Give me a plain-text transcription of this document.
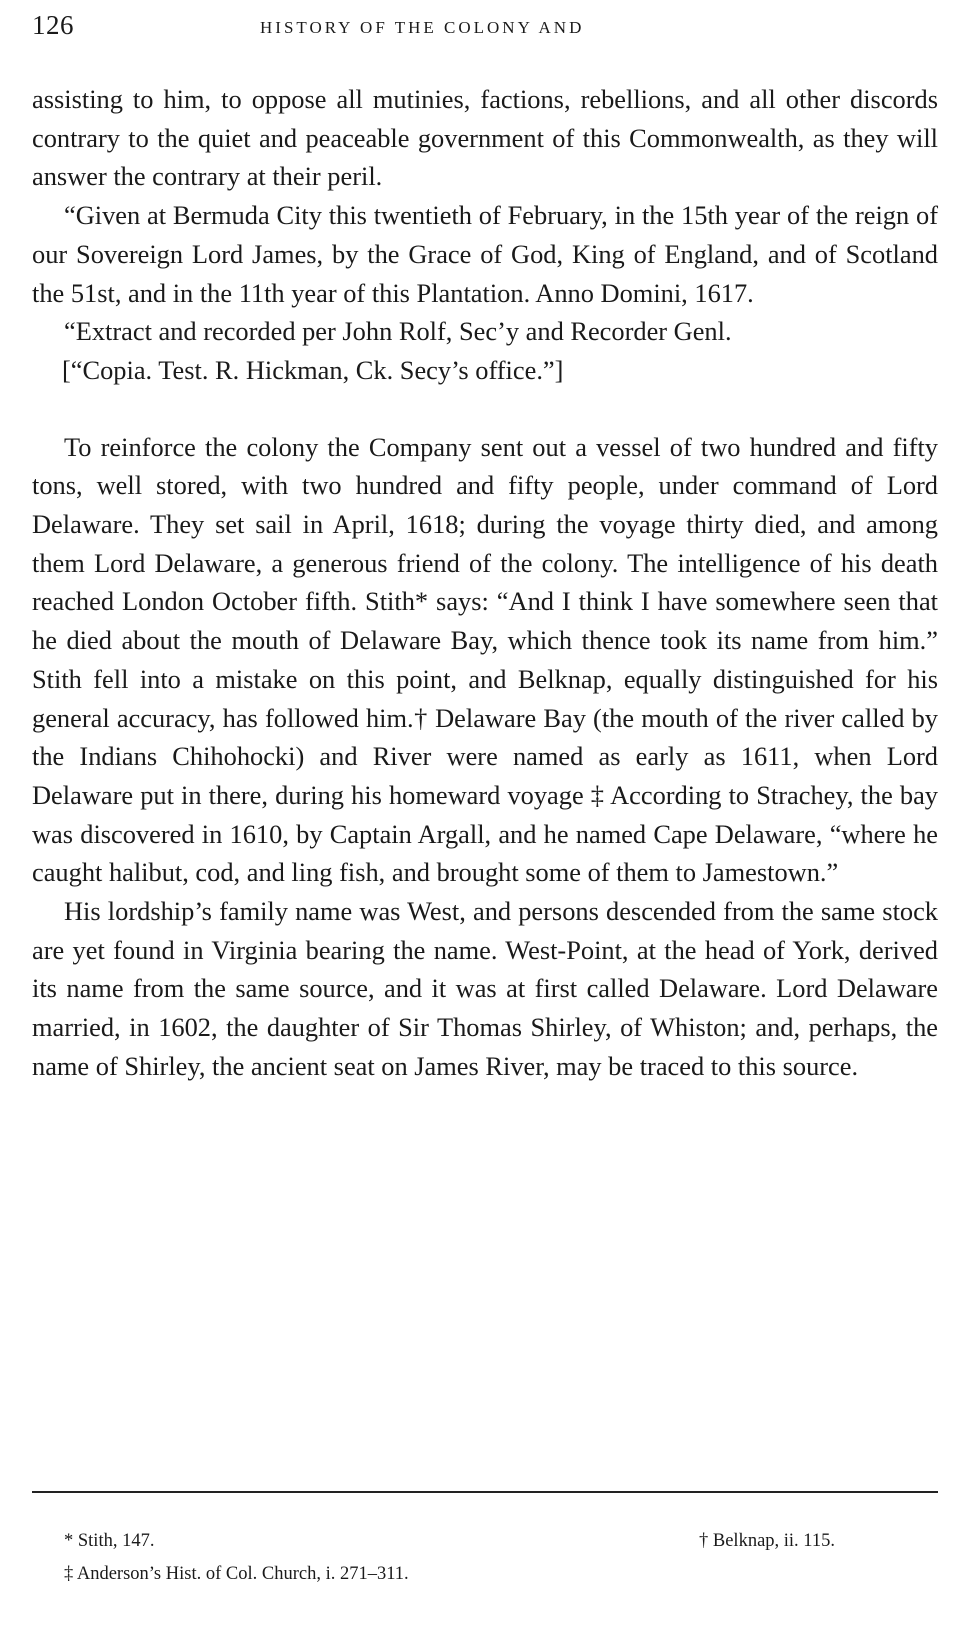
126	HISTORY OF THE COLONY AND

assisting to him, to oppose all mutinies, factions, rebellions, and all other discords contrary to the quiet and peaceable government of this Commonwealth, as they will answer the contrary at their peril.

“Given at Bermuda City this twentieth of February, in the 15th year of the reign of our Sovereign Lord James, by the Grace of God, King of England, and of Scotland the 51st, and in the 11th year of this Plantation. Anno Domini, 1617.

“Extract and recorded per John Rolf, Sec’y and Recorder Genl.

[“Copia. Test. R. Hickman, Ck. Secy’s office.”]

To reinforce the colony the Company sent out a vessel of two hundred and fifty tons, well stored, with two hundred and fifty people, under command of Lord Delaware. They set sail in April, 1618; during the voyage thirty died, and among them Lord Delaware, a generous friend of the colony. The intelligence of his death reached London October fifth. Stith* says: “And I think I have somewhere seen that he died about the mouth of Delaware Bay, which thence took its name from him.” Stith fell into a mistake on this point, and Belknap, equally distinguished for his general accuracy, has followed him.† Delaware Bay (the mouth of the river called by the Indians Chihohocki) and River were named as early as 1611, when Lord Delaware put in there, during his homeward voyage ‡ According to Strachey, the bay was discovered in 1610, by Captain Argall, and he named Cape Delaware, “where he caught halibut, cod, and ling fish, and brought some of them to Jamestown.”

His lordship’s family name was West, and persons descended from the same stock are yet found in Virginia bearing the name. West-Point, at the head of York, derived its name from the same source, and it was at first called Delaware. Lord Delaware married, in 1602, the daughter of Sir Thomas Shirley, of Whiston; and, perhaps, the name of Shirley, the ancient seat on James River, may be traced to this source.

* Stith, 147.	† Belknap, ii. 115.
‡ Anderson’s Hist. of Col. Church, i. 271–311.
